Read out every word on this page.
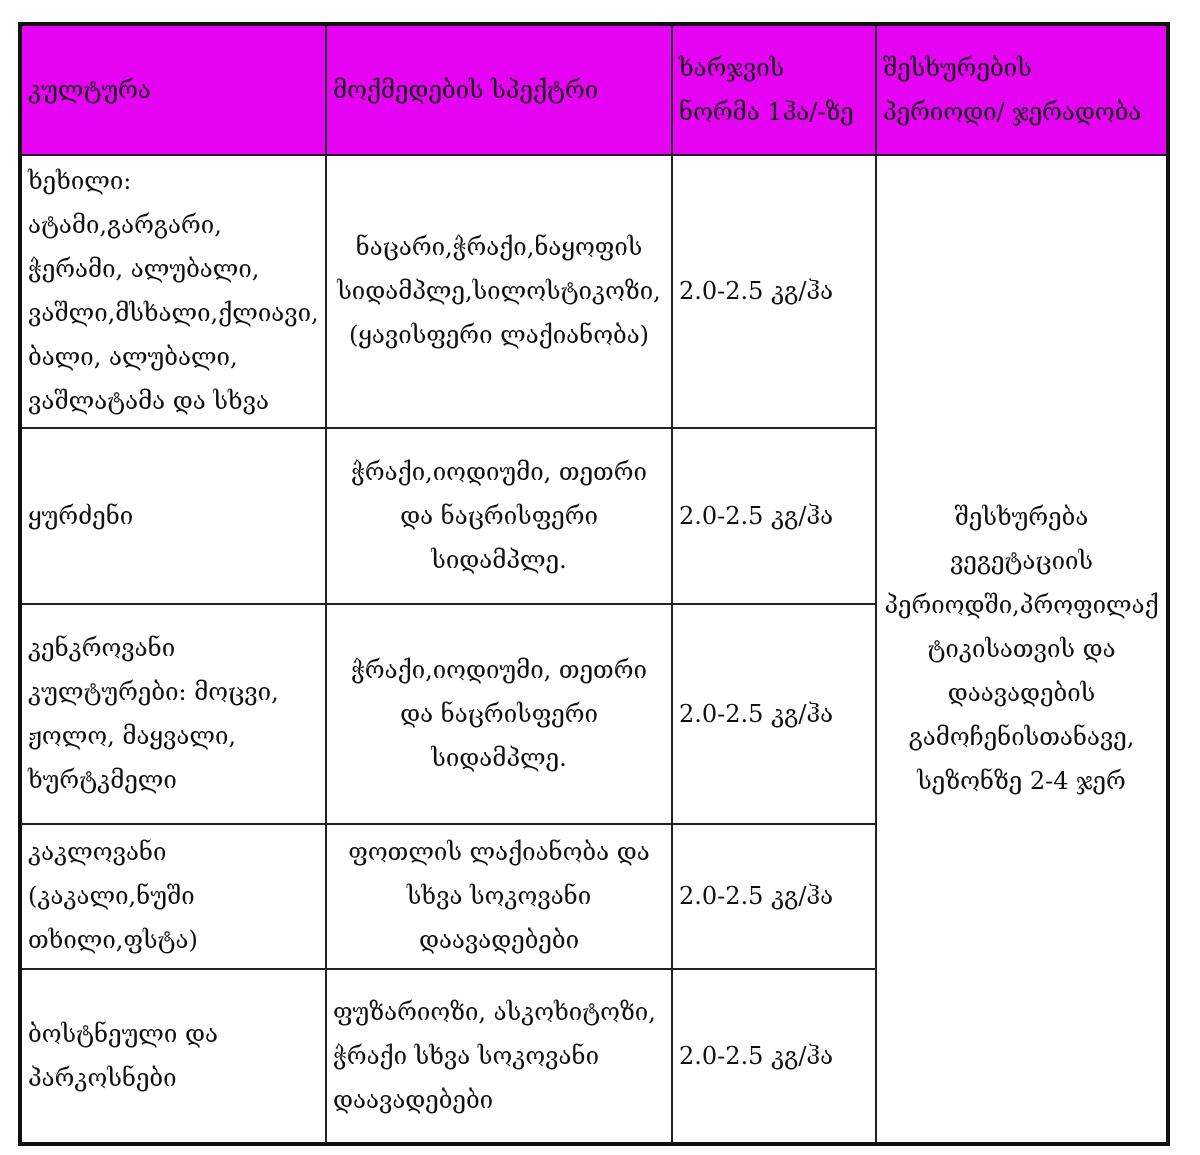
კულტურა	მოქმედების სპექტრი	ხარჯვის ნორმა 1ჰა/-ზე	შესხურების პერიოდი/ ჯერადობა
ხეხილი: ატამი,გარგარი, ჭერამი, ალუბალი, ვაშლი,მსხალი,ქლიავი, ბალი, ალუბალი, ვაშლატამა და სხვა	ნაცარი,ჭრაქი,ნაყოფის სიდამპლე,სილოსტიკოზი,(ყავისფერი ლაქიანობა)	2.0-2.5 კგ/ჰა	შესხურება ვეგეტაციის პერიოდში,პროფილაქტიკისათვის და დაავადების გამოჩენისთანავე, სეზონზე 2-4 ჯერ
ყურძენი	ჭრაქი,იოდიუმი, თეთრი და ნაცრისფერი სიდამპლე.	2.0-2.5 კგ/ჰა	
კენკროვანი კულტურები: მოცვი, ჟოლო, მაყვალი, ხურტკმელი	ჭრაქი,იოდიუმი, თეთრი და ნაცრისფერი სიდამპლე.	2.0-2.5 კგ/ჰა	
კაკლოვანი (კაკალი,ნუში თხილი,ფსტა)	ფოთლის ლაქიანობა და სხვა სოკოვანი დაავადებები	2.0-2.5 კგ/ჰა	
ბოსტნეული და პარკოსნები	ფუზარიოზი, ასკოხიტოზი, ჭრაქი სხვა სოკოვანი დაავადებები	2.0-2.5 კგ/ჰა	
